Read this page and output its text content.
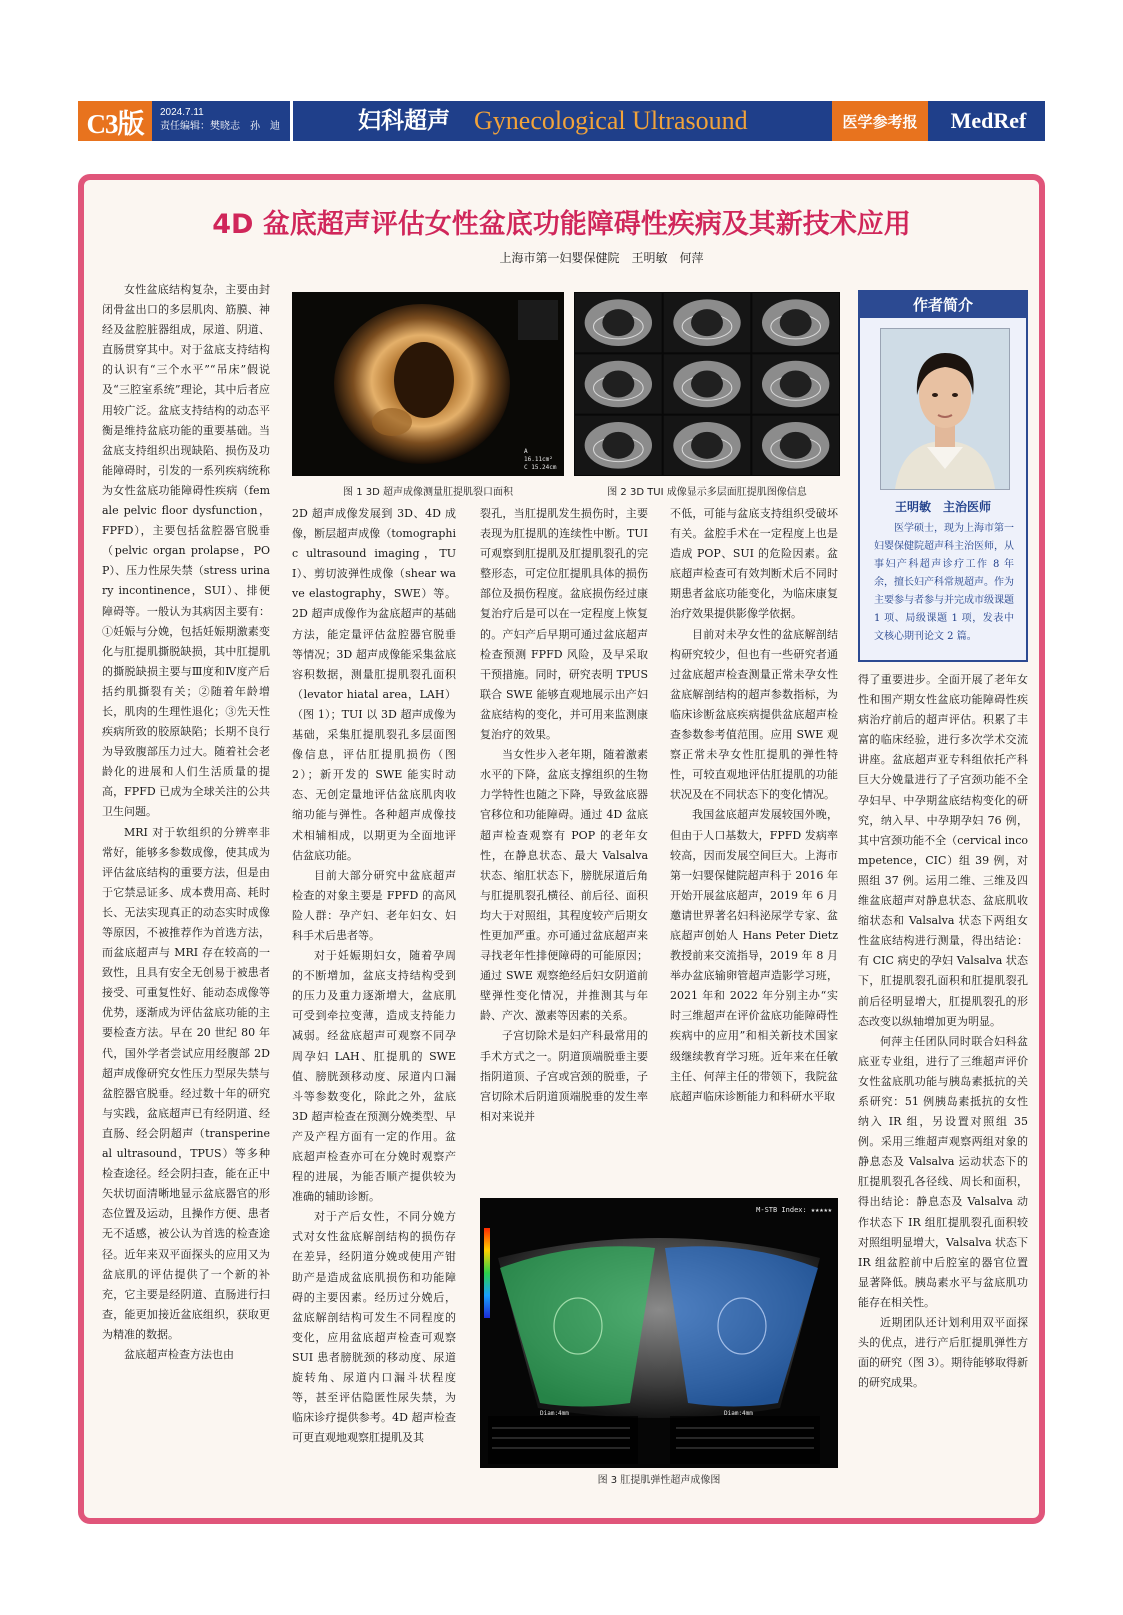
C3版	2024.7.11
责任编辑：樊晓志　孙　迪	妇科超声 Gynecological Ultrasound	医学参考报	MedRef
4D 盆底超声评估女性盆底功能障碍性疾病及其新技术应用
上海市第一妇婴保健院　王明敏　何萍
A 16.11cm² C 15.24cm
图 1 3D 超声成像测量肛提肌裂口面积	图 2 3D TUI 成像显示多层面肛提肌图像信息
作者简介
王明敏　主治医师
医学硕士，现为上海市第一妇婴保健院超声科主治医师，从事妇产科超声诊疗工作 8 年余，擅长妇产科常规超声。作为主要参与者参与并完成市级课题 1 项、局级课题 1 项，发表中文核心期刊论文 2 篇。

女性盆底结构复杂，主要由封闭骨盆出口的多层肌肉、筋膜、神经及盆腔脏器组成，尿道、阴道、直肠贯穿其中。对于盆底支持结构的认识有“三个水平”“吊床”假说及“三腔室系统”理论，其中后者应用较广泛。盆底支持结构的动态平衡是维持盆底功能的重要基础。当盆底支持组织出现缺陷、损伤及功能障碍时，引发的一系列疾病统称为女性盆底功能障碍性疾病（female pelvic floor dysfunction，FPFD），主要包括盆腔器官脱垂（pelvic organ prolapse，POP）、压力性尿失禁（stress urinary incontinence，SUI）、排便障碍等。一般认为其病因主要有：①妊娠与分娩，包括妊娠期激素变化与肛提肌撕脱缺损，其中肛提肌的撕脱缺损主要与Ⅲ度和Ⅳ度产后括约肌撕裂有关；②随着年龄增长，肌肉的生理性退化；③先天性疾病所致的胶原缺陷；长期不良行为导致腹部压力过大。随着社会老龄化的进展和人们生活质量的提高，FPFD 已成为全球关注的公共卫生问题。

MRI 对于软组织的分辨率非常好，能够多参数成像，使其成为评估盆底结构的重要方法，但是由于它禁忌证多、成本费用高、耗时长、无法实现真正的动态实时成像等原因，不被推荐作为首选方法，而盆底超声与 MRI 存在较高的一致性，且具有安全无创易于被患者接受、可重复性好、能动态成像等优势，逐渐成为评估盆底功能的主要检查方法。早在 20 世纪 80 年代，国外学者尝试应用经腹部 2D 超声成像研究女性压力型尿失禁与盆腔器官脱垂。经过数十年的研究与实践，盆底超声已有经阴道、经直肠、经会阴超声（transperineal ultrasound，TPUS）等多种检查途径。经会阴扫查，能在正中矢状切面清晰地显示盆底器官的形态位置及运动，且操作方便、患者无不适感，被公认为首选的检查途径。近年来双平面探头的应用又为盆底肌的评估提供了一个新的补充，它主要是经阴道、直肠进行扫查，能更加接近盆底组织，获取更为精准的数据。

盆底超声检查方法也由

2D 超声成像发展到 3D、4D 成像，断层超声成像（tomographic ultrasound imaging，TUI）、剪切波弹性成像（shear wave elastography，SWE）等。2D 超声成像作为盆底超声的基础方法，能定量评估盆腔器官脱垂等情况；3D 超声成像能采集盆底容积数据，测量肛提肌裂孔面积（levator hiatal area，LAH）（图 1）；TUI 以 3D 超声成像为基础，采集肛提肌裂孔多层面图像信息，评估肛提肌损伤（图 2）；新开发的 SWE 能实时动态、无创定量地评估盆底肌肉收缩功能与弹性。各种超声成像技术相辅相成，以期更为全面地评估盆底功能。

目前大部分研究中盆底超声检查的对象主要是 FPFD 的高风险人群：孕产妇、老年妇女、妇科手术后患者等。

对于妊娠期妇女，随着孕周的不断增加，盆底支持结构受到的压力及重力逐渐增大，盆底肌可受到牵拉变薄，造成支持能力减弱。经盆底超声可观察不同孕周孕妇 LAH、肛提肌的 SWE 值、膀胱颈移动度、尿道内口漏斗等参数变化，除此之外，盆底 3D 超声检查在预测分娩类型、早产及产程方面有一定的作用。盆底超声检查亦可在分娩时观察产程的进展，为能否顺产提供较为准确的辅助诊断。

对于产后女性，不同分娩方式对女性盆底解剖结构的损伤存在差异，经阴道分娩或使用产钳助产是造成盆底肌损伤和功能障碍的主要因素。经历过分娩后，盆底解剖结构可发生不同程度的变化，应用盆底超声检查可观察 SUI 患者膀胱颈的移动度、尿道旋转角、尿道内口漏斗状程度等，甚至评估隐匿性尿失禁，为临床诊疗提供参考。4D 超声检查可更直观地观察肛提肌及其

裂孔，当肛提肌发生损伤时，主要表现为肛提肌的连续性中断。TUI 可观察到肛提肌及肛提肌裂孔的完整形态，可定位肛提肌具体的损伤部位及损伤程度。盆底损伤经过康复治疗后是可以在一定程度上恢复的。产妇产后早期可通过盆底超声检查预测 FPFD 风险，及早采取干预措施。同时，研究表明 TPUS 联合 SWE 能够直观地展示出产妇盆底结构的变化，并可用来监测康复治疗的效果。

当女性步入老年期，随着激素水平的下降，盆底支撑组织的生物力学特性也随之下降，导致盆底器官移位和功能障碍。通过 4D 盆底超声检查观察有 POP 的老年女性，在静息状态、最大 Valsalva 状态、缩肛状态下，膀胱尿道后角与肛提肌裂孔横径、前后径、面积均大于对照组，其程度较产后期女性更加严重。亦可通过盆底超声来寻找老年性排便障碍的可能原因；通过 SWE 观察绝经后妇女阴道前壁弹性变化情况，并推测其与年龄、产次、激素等因素的关系。

子宫切除术是妇产科最常用的手术方式之一。阴道顶端脱垂主要指阴道顶、子宫或宫颈的脱垂，子宫切除术后阴道顶端脱垂的发生率相对来说并

不低，可能与盆底支持组织受破坏有关。盆腔手术在一定程度上也是造成 POP、SUI 的危险因素。盆底超声检查可有效判断术后不同时期患者盆底功能变化，为临床康复治疗效果提供影像学依据。

目前对未孕女性的盆底解剖结构研究较少，但也有一些研究者通过盆底超声检查测量正常未孕女性盆底解剖结构的超声参数指标，为临床诊断盆底疾病提供盆底超声检查参数参考值范围。应用 SWE 观察正常未孕女性肛提肌的弹性特性，可较直观地评估肛提肌的功能状况及在不同状态下的变化情况。

我国盆底超声发展较国外晚，但由于人口基数大，FPFD 发病率较高，因而发展空间巨大。上海市第一妇婴保健院超声科于 2016 年开始开展盆底超声，2019 年 6 月邀请世界著名妇科泌尿学专家、盆底超声创始人 Hans Peter Dietz 教授前来交流指导，2019 年 8 月举办盆底输卵管超声造影学习班，2021 年和 2022 年分别主办“实时三维超声在评价盆底功能障碍性疾病中的应用”和相关新技术国家级继续教育学习班。近年来在任敏主任、何萍主任的带领下，我院盆底超声临床诊断能力和科研水平取

得了重要进步。全面开展了老年女性和围产期女性盆底功能障碍性疾病治疗前后的超声评估。积累了丰富的临床经验，进行多次学术交流讲座。盆底超声亚专科组依托产科巨大分娩量进行了子宫颈功能不全孕妇早、中孕期盆底结构变化的研究，纳入早、中孕期孕妇 76 例，其中宫颈功能不全（cervical incompetence，CIC）组 39 例，对照组 37 例。运用二维、三维及四维盆底超声对静息状态、盆底肌收缩状态和 Valsalva 状态下两组女性盆底结构进行测量，得出结论：有 CIC 病史的孕妇 Valsalva 状态下，肛提肌裂孔面积和肛提肌裂孔前后径明显增大，肛提肌裂孔的形态改变以纵轴增加更为明显。

何萍主任团队同时联合妇科盆底亚专业组，进行了三维超声评价女性盆底肌功能与胰岛素抵抗的关系研究：51 例胰岛素抵抗的女性纳入 IR 组，另设置对照组 35 例。采用三维超声观察两组对象的静息态及 Valsalva 运动状态下的肛提肌裂孔各径线、周长和面积，得出结论：静息态及 Valsalva 动作状态下 IR 组肛提肌裂孔面积较对照组明显增大，Valsalva 状态下 IR 组盆腔前中后腔室的器官位置显著降低。胰岛素水平与盆底肌功能存在相关性。

近期团队还计划利用双平面探头的优点，进行产后肛提肌弹性方面的研究（图 3）。期待能够取得新的研究成果。

M-STB Index: ★★★★★
Diam:4mm	Diam:4mm
图 3 肛提肌弹性超声成像图
